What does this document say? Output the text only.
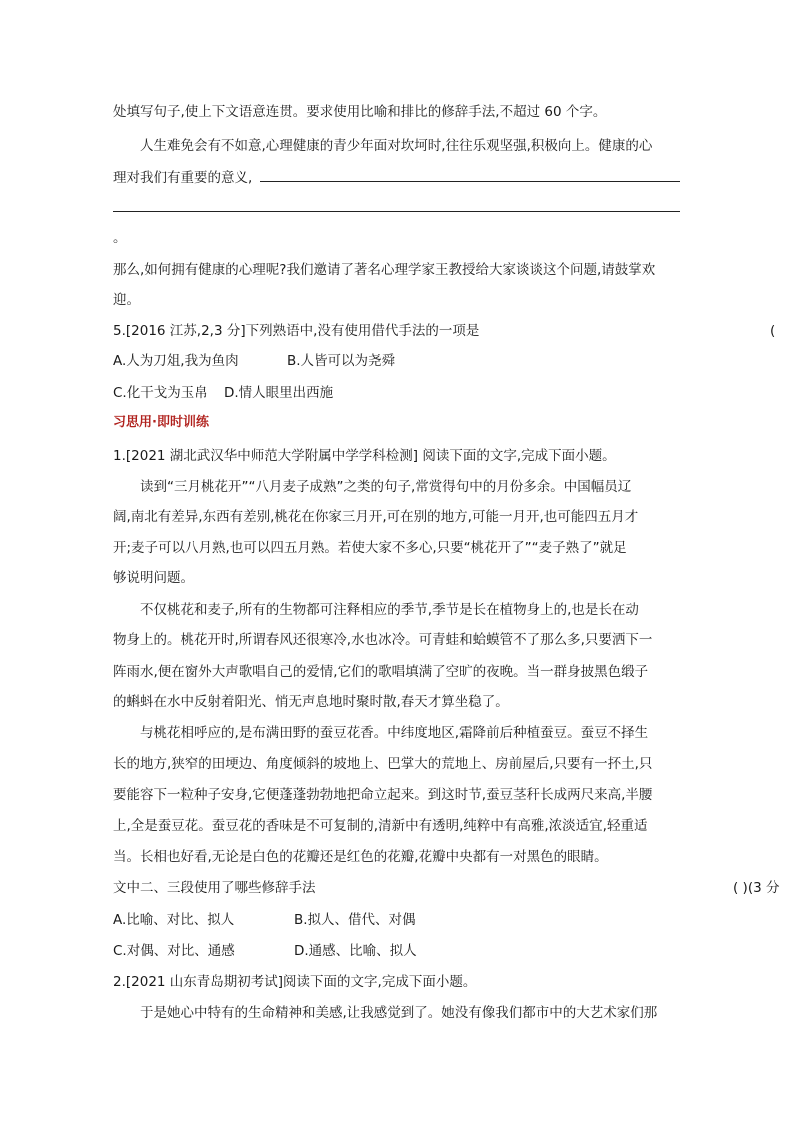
处填写句子,使上下文语意连贯。要求使用比喻和排比的修辞手法,不超过 60 个字。
人生难免会有不如意,心理健康的青少年面对坎坷时,往往乐观坚强,积极向上。健康的心
理对我们有重要的意义,
。
那么,如何拥有健康的心理呢?我们邀请了著名心理学家王教授给大家谈谈这个问题,请鼓掌欢
迎。
5.[2016 江苏,2,3 分]下列熟语中,没有使用借代手法的一项是	(
A.人为刀俎,我为鱼肉	B.人皆可以为尧舜
C.化干戈为玉帛 D.情人眼里出西施
习思用·即时训练
1.[2021 湖北武汉华中师范大学附属中学学科检测] 阅读下面的文字,完成下面小题。
读到“三月桃花开”“八月麦子成熟”之类的句子,常赏得句中的月份多余。中国幅员辽
阔,南北有差异,东西有差别,桃花在你家三月开,可在别的地方,可能一月开,也可能四五月才
开;麦子可以八月熟,也可以四五月熟。若使大家不多心,只要“桃花开了”“麦子熟了”就足
够说明问题。
不仅桃花和麦子,所有的生物都可注释相应的季节,季节是长在植物身上的,也是长在动
物身上的。桃花开时,所谓春风还很寒冷,水也冰冷。可青蛙和蛤蟆管不了那么多,只要洒下一
阵雨水,便在窗外大声歌唱自己的爱情,它们的歌唱填满了空旷的夜晚。当一群身披黑色缎子
的蝌蚪在水中反射着阳光、悄无声息地时聚时散,春天才算坐稳了。
与桃花相呼应的,是布满田野的蚕豆花香。中纬度地区,霜降前后种植蚕豆。蚕豆不择生
长的地方,狭窄的田埂边、角度倾斜的坡地上、巴掌大的荒地上、房前屋后,只要有一抔土,只
要能容下一粒种子安身,它便蓬蓬勃勃地把命立起来。到这时节,蚕豆茎秆长成两尺来高,半腰
上,全是蚕豆花。蚕豆花的香味是不可复制的,清新中有透明,纯粹中有高雅,浓淡适宜,轻重适
当。长相也好看,无论是白色的花瓣还是红色的花瓣,花瓣中央都有一对黑色的眼睛。
文中二、三段使用了哪些修辞手法	( )(3 分
A.比喻、对比、拟人	B.拟人、借代、对偶
C.对偶、对比、通感	D.通感、比喻、拟人
2.[2021 山东青岛期初考试]阅读下面的文字,完成下面小题。
于是她心中特有的生命精神和美感,让我感觉到了。她没有像我们都市中的大艺术家们那
